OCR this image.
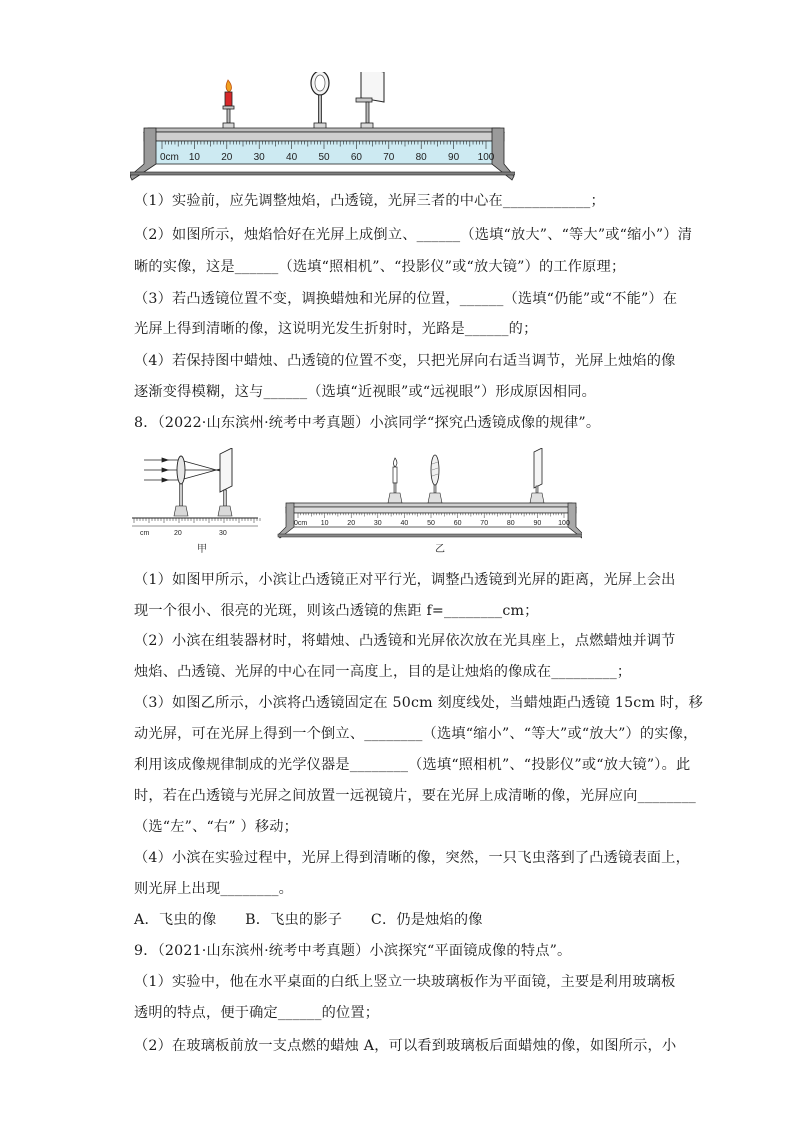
0cm 10 20 30 40 50 60 70 80 90 100
cm	20	30
甲
0cm 10	20	30	40	50	60	70	80	90 100
乙
（1）实验前，应先调整烛焰，凸透镜，光屏三者的中心在____________；
（2）如图所示，烛焰恰好在光屏上成倒立、______（选填“放大”、“等大”或“缩小”）清
晰的实像，这是______（选填“照相机”、“投影仪”或“放大镜”）的工作原理；
（3）若凸透镜位置不变，调换蜡烛和光屏的位置，______（选填“仍能”或“不能”）在
光屏上得到清晰的像，这说明光发生折射时，光路是______的；
（4）若保持图中蜡烛、凸透镜的位置不变，只把光屏向右适当调节，光屏上烛焰的像
逐渐变得模糊，这与______（选填“近视眼”或“远视眼”）形成原因相同。
8．（2022·山东滨州·统考中考真题）小滨同学“探究凸透镜成像的规律”。
（1）如图甲所示，小滨让凸透镜正对平行光，调整凸透镜到光屏的距离，光屏上会出
现一个很小、很亮的光斑，则该凸透镜的焦距 f=________cm；
（2）小滨在组装器材时，将蜡烛、凸透镜和光屏依次放在光具座上，点燃蜡烛并调节
烛焰、凸透镜、光屏的中心在同一高度上，目的是让烛焰的像成在_________；
（3）如图乙所示，小滨将凸透镜固定在 50cm 刻度线处，当蜡烛距凸透镜 15cm 时，移
动光屏，可在光屏上得到一个倒立、________（选填“缩小”、“等大”或“放大”）的实像，
利用该成像规律制成的光学仪器是________（选填“照相机”、“投影仪”或“放大镜”）。此
时，若在凸透镜与光屏之间放置一远视镜片，要在光屏上成清晰的像，光屏应向________
（选“左”、“右” ）移动；
（4）小滨在实验过程中，光屏上得到清晰的像，突然，一只飞虫落到了凸透镜表面上，
则光屏上出现________。
A．飞虫的像　　B．飞虫的影子　　C．仍是烛焰的像
9．（2021·山东滨州·统考中考真题）小滨探究“平面镜成像的特点”。
（1）实验中，他在水平桌面的白纸上竖立一块玻璃板作为平面镜，主要是利用玻璃板
透明的特点，便于确定______的位置；
（2）在玻璃板前放一支点燃的蜡烛 A，可以看到玻璃板后面蜡烛的像，如图所示，小
